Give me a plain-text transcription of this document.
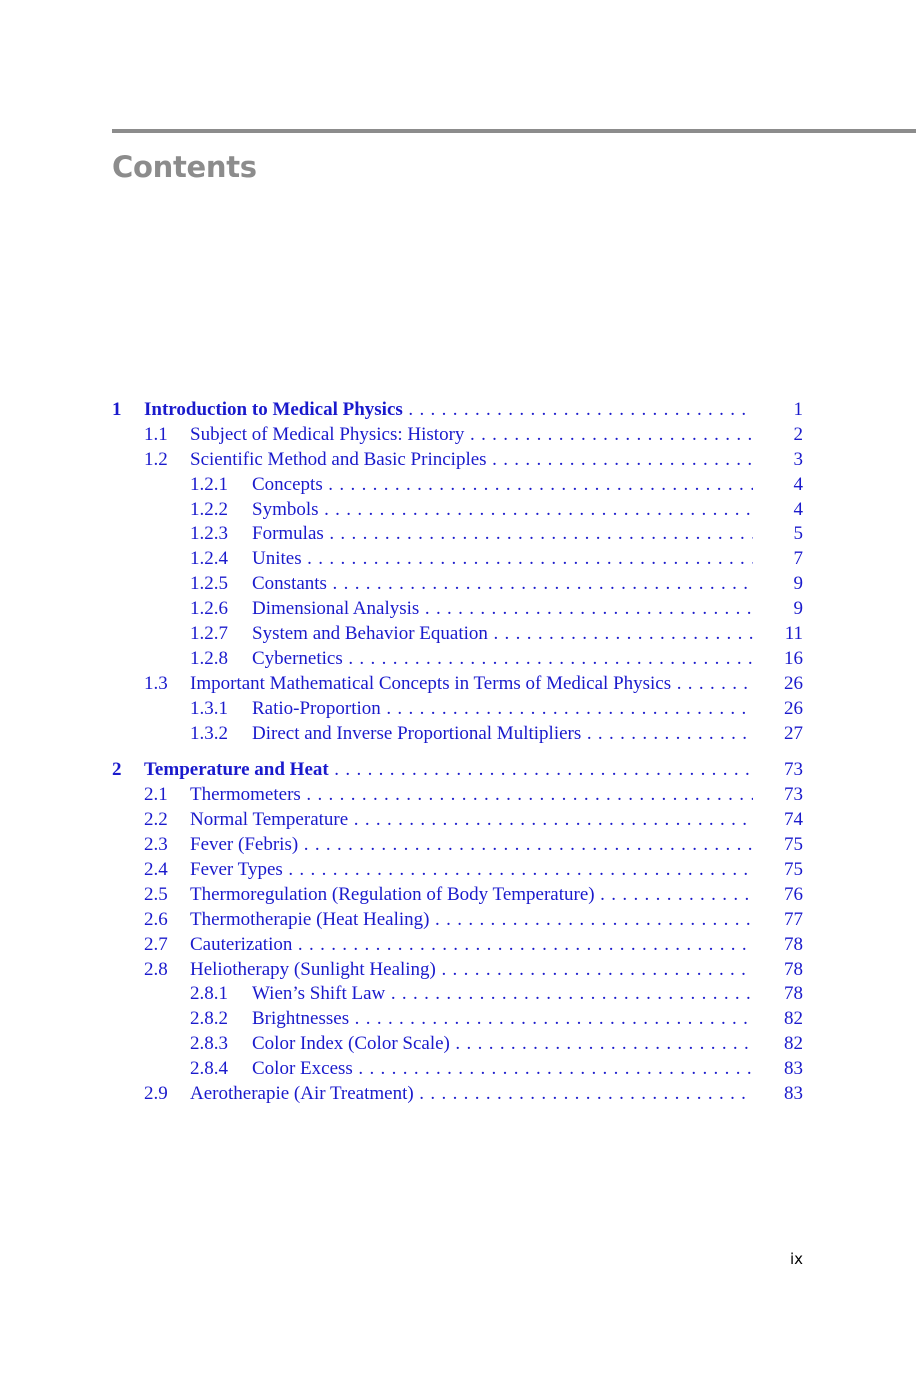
Contents
1 Introduction to Medical Physics . . .	1
1.1 Subject of Medical Physics: History . . .	2
1.2 Scientific Method and Basic Principles . . .	3
1.2.1 Concepts . . .	4
1.2.2 Symbols . . .	4
1.2.3 Formulas . . .	5
1.2.4 Unites . . .	7
1.2.5 Constants . . .	9
1.2.6 Dimensional Analysis . . .	9
1.2.7 System and Behavior Equation . . .	11
1.2.8 Cybernetics . . .	16
1.3 Important Mathematical Concepts in Terms of Medical Physics . . .	26
1.3.1 Ratio-Proportion . . .	26
1.3.2 Direct and Inverse Proportional Multipliers . . .	27
2 Temperature and Heat . . .	73
2.1 Thermometers . . .	73
2.2 Normal Temperature . . .	74
2.3 Fever (Febris) . . .	75
2.4 Fever Types . . .	75
2.5 Thermoregulation (Regulation of Body Temperature) . . .	76
2.6 Thermotherapie (Heat Healing) . . .	77
2.7 Cauterization . . .	78
2.8 Heliotherapy (Sunlight Healing) . . .	78
2.8.1 Wien’s Shift Law . . .	78
2.8.2 Brightnesses . . .	82
2.8.3 Color Index (Color Scale) . . .	82
2.8.4 Color Excess . . .	83
2.9 Aerotherapie (Air Treatment) . . .	83
ix
